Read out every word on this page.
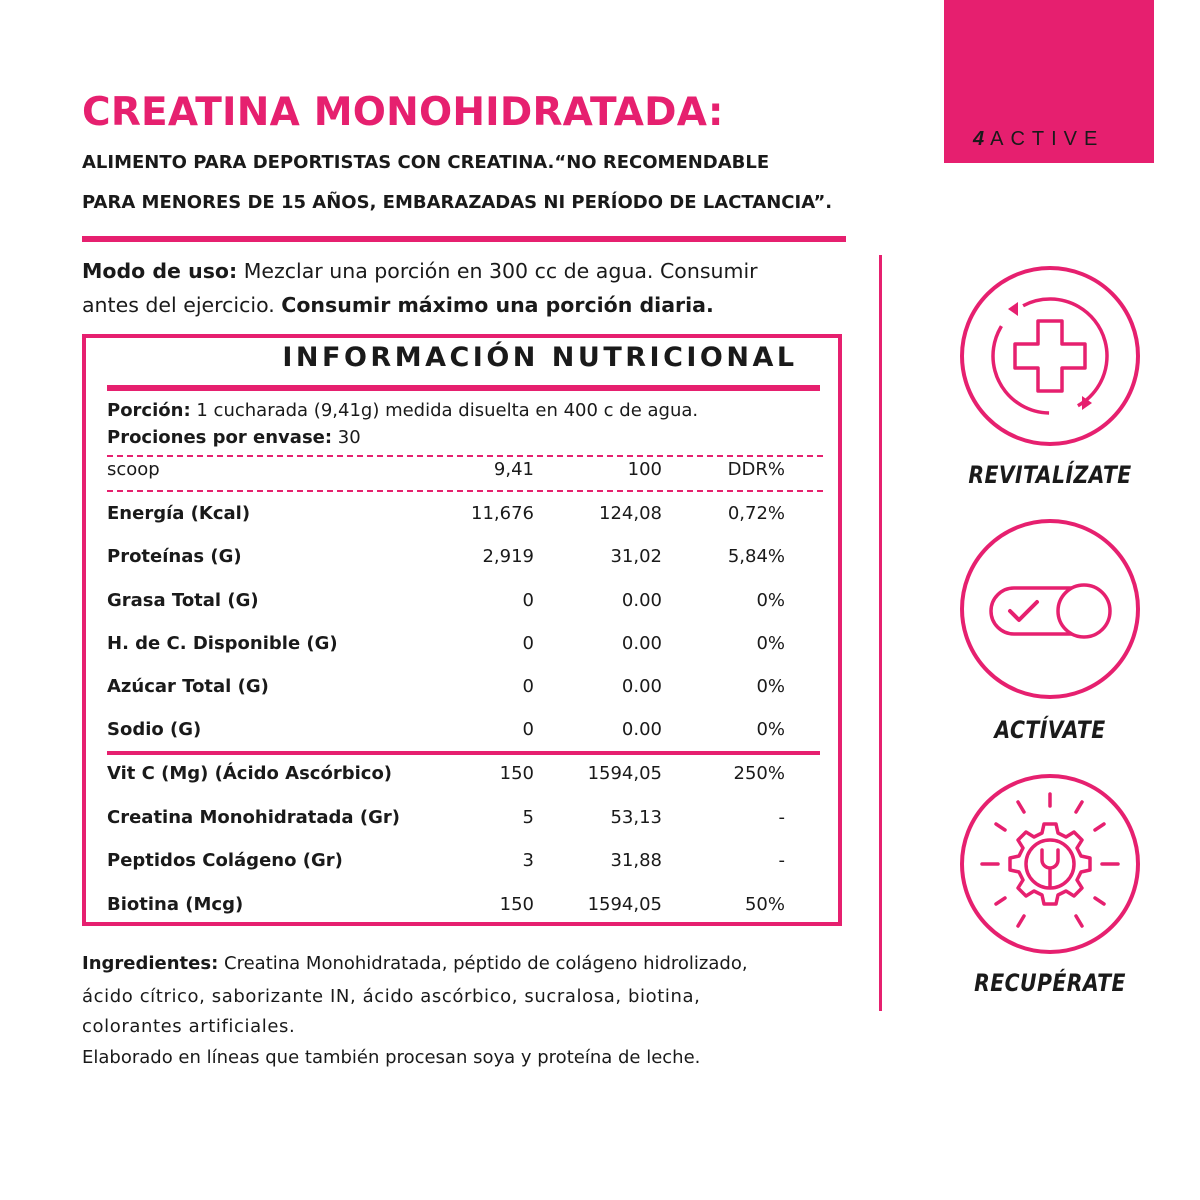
4 ACTIVE
CREATINA MONOHIDRATADA:
ALIMENTO PARA DEPORTISTAS CON CREATINA.“NO RECOMENDABLE
PARA MENORES DE 15 AÑOS, EMBARAZADAS NI PERÍODO DE LACTANCIA”.
Modo de uso: Mezclar una porción en 300 cc de agua. Consumir
antes del ejercicio. Consumir máximo una porción diaria.
INFORMACIÓN NUTRICIONAL
Porción: 1 cucharada (9,41g) medida disuelta en 400 c de agua.
Prociones por envase: 30
scoop	9,41	100	DDR%
Energía (Kcal)	11,676	124,08	0,72%
Proteínas (G)	2,919	31,02	5,84%
Grasa Total (G)	0	0.00	0%
H. de C. Disponible (G)	0	0.00	0%
Azúcar Total (G)	0	0.00	0%
Sodio (G)	0	0.00	0%
Vit C (Mg) (Ácido Ascórbico)	150	1594,05	250%
Creatina Monohidratada (Gr)	5	53,13	-
Peptidos Colágeno (Gr)	3	31,88	-
Biotina (Mcg)	150	1594,05	50%
Ingredientes: Creatina Monohidratada, péptido de colágeno hidrolizado,
ácido cítrico, saborizante IN, ácido ascórbico, sucralosa, biotina,
colorantes artificiales.
Elaborado en líneas que también procesan soya y proteína de leche.
REVITALÍZATE
ACTÍVATE
RECUPÉRATE
